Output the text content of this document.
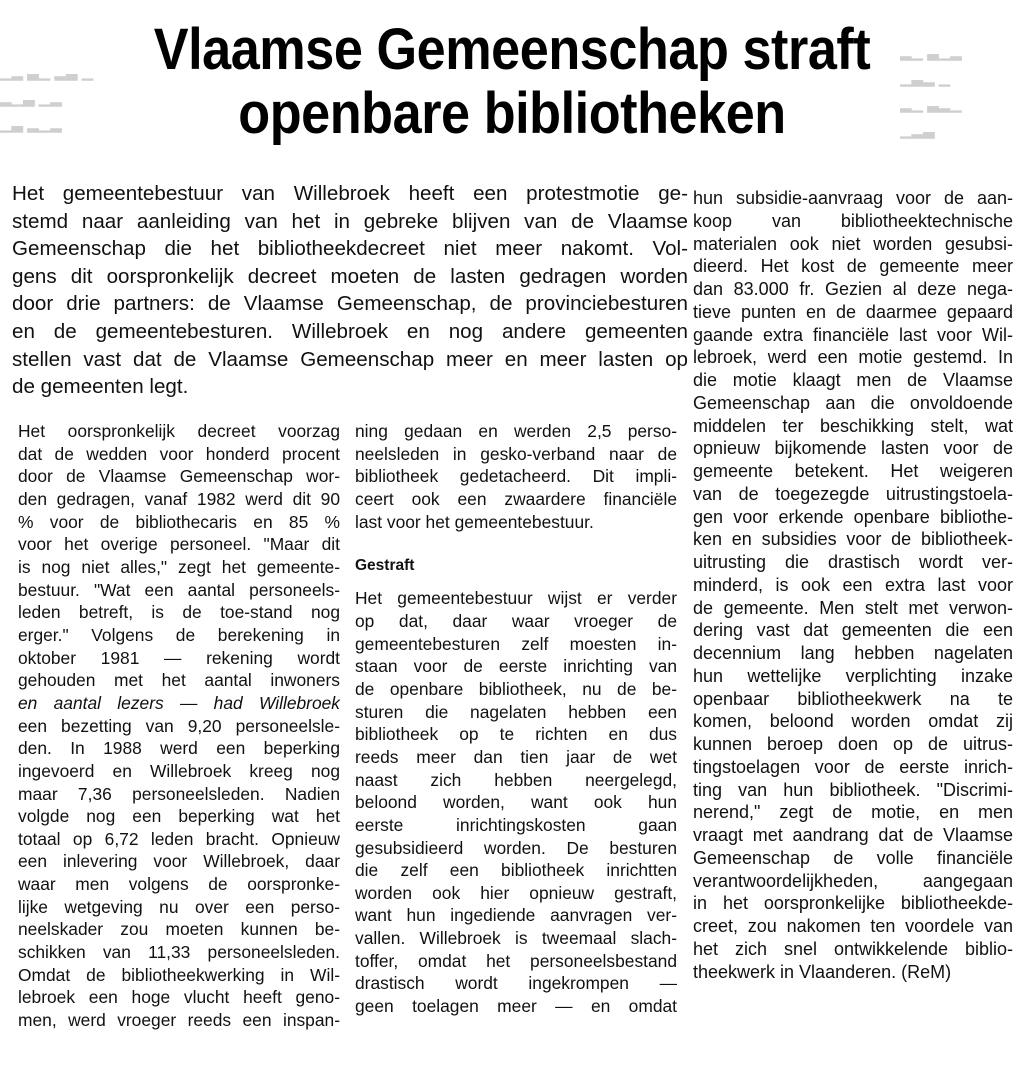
▁▂ ▃▁ ▂▃ ▁
▂▁▃ ▁▂
▁▃ ▂▁▂
▂▁ ▃▁▂
▁▃▂ ▁
▂▁ ▃▂▁
▁▂▃
Vlaamse Gemeenschap straft
openbare bibliotheken
Het gemeentebestuur van Willebroek heeft een protestmotie ge-
stemd naar aanleiding van het in gebreke blijven van de Vlaamse
Gemeenschap die het bibliotheekdecreet niet meer nakomt. Vol-
gens dit oorspronkelijk decreet moeten de lasten gedragen worden
door drie partners: de Vlaamse Gemeenschap, de provinciebesturen
en de gemeentebesturen. Willebroek en nog andere gemeenten
stellen vast dat de Vlaamse Gemeenschap meer en meer lasten op
de gemeenten legt.
Het oorspronkelijk decreet voorzag
dat de wedden voor honderd procent
door de Vlaamse Gemeenschap wor-
den gedragen, vanaf 1982 werd dit 90
% voor de bibliothecaris en 85 %
voor het overige personeel. "Maar dit
is nog niet alles," zegt het gemeente-
bestuur. "Wat een aantal personeels-
leden betreft, is de toe-stand nog
erger." Volgens de berekening in
oktober 1981 — rekening wordt
gehouden met het aantal inwoners
en aantal lezers — had Willebroek
een bezetting van 9,20 personeelsle-
den. In 1988 werd een beperking
ingevoerd en Willebroek kreeg nog
maar 7,36 personeelsleden. Nadien
volgde nog een beperking wat het
totaal op 6,72 leden bracht. Opnieuw
een inlevering voor Willebroek, daar
waar men volgens de oorspronke-
lijke wetgeving nu over een perso-
neelskader zou moeten kunnen be-
schikken van 11,33 personeelsleden.
Omdat de bibliotheekwerking in Wil-
lebroek een hoge vlucht heeft geno-
men, werd vroeger reeds een inspan-
ning gedaan en werden 2,5 perso-
neelsleden in gesko-verband naar de
bibliotheek gedetacheerd. Dit impli-
ceert ook een zwaardere financiële
last voor het gemeentebestuur.
Gestraft
Het gemeentebestuur wijst er verder
op dat, daar waar vroeger de
gemeentebesturen zelf moesten in-
staan voor de eerste inrichting van
de openbare bibliotheek, nu de be-
sturen die nagelaten hebben een
bibliotheek op te richten en dus
reeds meer dan tien jaar de wet
naast zich hebben neergelegd,
beloond worden, want ook hun
eerste inrichtingskosten gaan
gesubsidieerd worden. De besturen
die zelf een bibliotheek inrichtten
worden ook hier opnieuw gestraft,
want hun ingediende aanvragen ver-
vallen. Willebroek is tweemaal slach-
toffer, omdat het personeelsbestand
drastisch wordt ingekrompen —
geen toelagen meer — en omdat
hun subsidie-aanvraag voor de aan-
koop van bibliotheektechnische
materialen ook niet worden gesubsi-
dieerd. Het kost de gemeente meer
dan 83.000 fr. Gezien al deze nega-
tieve punten en de daarmee gepaard
gaande extra financiële last voor Wil-
lebroek, werd een motie gestemd. In
die motie klaagt men de Vlaamse
Gemeenschap aan die onvoldoende
middelen ter beschikking stelt, wat
opnieuw bijkomende lasten voor de
gemeente betekent. Het weigeren
van de toegezegde uitrustingstoela-
gen voor erkende openbare bibliothe-
ken en subsidies voor de bibliotheek-
uitrusting die drastisch wordt ver-
minderd, is ook een extra last voor
de gemeente. Men stelt met verwon-
dering vast dat gemeenten die een
decennium lang hebben nagelaten
hun wettelijke verplichting inzake
openbaar bibliotheekwerk na te
komen, beloond worden omdat zij
kunnen beroep doen op de uitrus-
tingstoelagen voor de eerste inrich-
ting van hun bibliotheek. "Discrimi-
nerend," zegt de motie, en men
vraagt met aandrang dat de Vlaamse
Gemeenschap de volle financiële
verantwoordelijkheden, aangegaan
in het oorspronkelijke bibliotheekde-
creet, zou nakomen ten voordele van
het zich snel ontwikkelende biblio-
theekwerk in Vlaanderen. (ReM)
